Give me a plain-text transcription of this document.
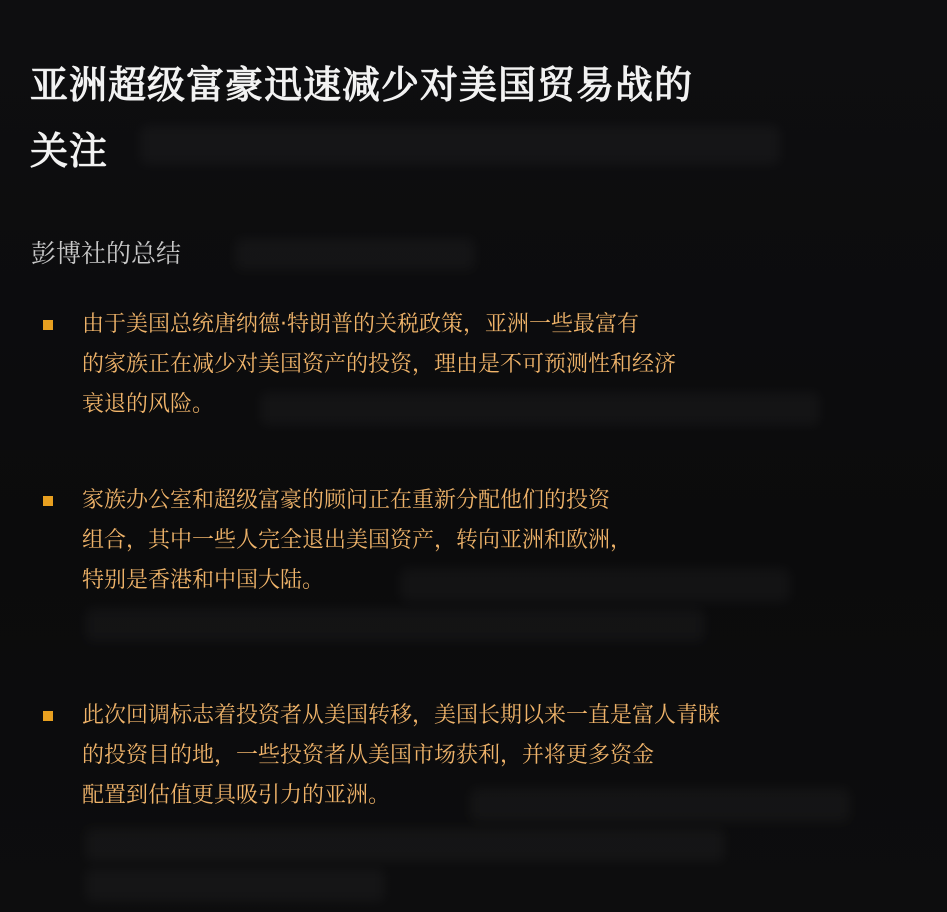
亚洲超级富豪迅速减少对美国贸易战的
关注
彭博社的总结

由于美国总统唐纳德·特朗普的关税政策，亚洲一些最富有
的家族正在减少对美国资产的投资，理由是不可预测性和经济
衰退的风险。

家族办公室和超级富豪的顾问正在重新分配他们的投资
组合，其中一些人完全退出美国资产，转向亚洲和欧洲，
特别是香港和中国大陆。

此次回调标志着投资者从美国转移，美国长期以来一直是富人青睐
的投资目的地，一些投资者从美国市场获利，并将更多资金
配置到估值更具吸引力的亚洲。
